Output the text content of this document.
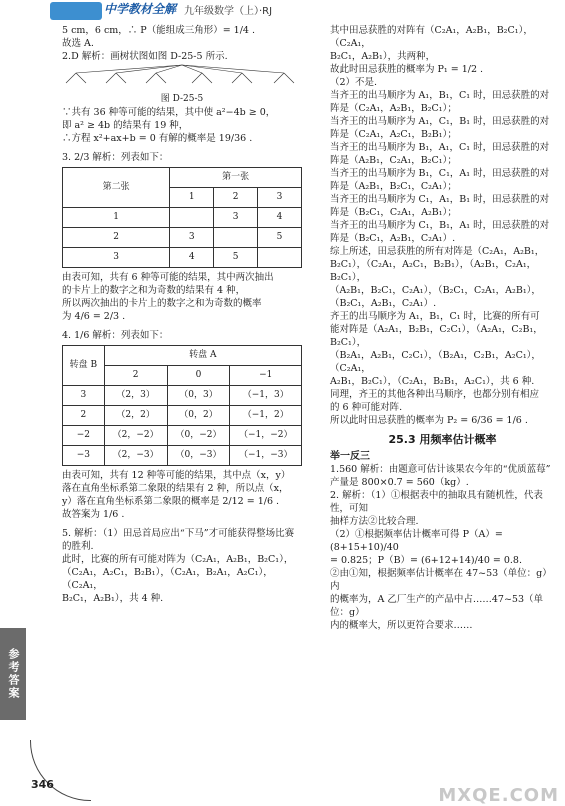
中学教材全解 九年级数学（上）·RJ

5 cm，6 cm，∴ P（能组成三角形）= 1/4 .

故选 A.

2.D 解析：画树状图如图 D-25-5 所示.

图 D-25-5

∵共有 36 种等可能的结果，其中使 a²−4b ≥ 0，

即 a² ≥ 4b 的结果有 19 种，

∴方程 x²+ax+b = 0 有解的概率是 19/36 .

3. 2/3 解析：列表如下：

第二张	第一张		
	1	2	3
1		3	4
2	3		5
3	4	5	

由表可知，共有 6 种等可能的结果，其中两次抽出

的卡片上的数字之和为奇数的结果有 4 种，

所以两次抽出的卡片上的数字之和为奇数的概率

为 4/6 = 2/3 .

4. 1/6 解析：列表如下：

转盘 B	转盘 A		
	2	0	−1
3	（2，3）	（0，3）	（−1，3）
2	（2，2）	（0，2）	（−1，2）
−2	（2，−2）	（0，−2）	（−1，−2）
−3	（2，−3）	（0，−3）	（−1，−3）

由表可知，共有 12 种等可能的结果，其中点（x，y）

落在直角坐标系第二象限的结果有 2 种，所以点（x，

y）落在直角坐标系第二象限的概率是 2/12 = 1/6 .

故答案为 1/6 .

5. 解析：（1）田忌首局应出“下马”才可能获得整场比赛

的胜利.

此时，比赛的所有可能对阵为（C₂A₁，A₂B₁，B₂C₁），

（C₂A₁，A₂C₁，B₂B₁），（C₂A₁，B₂A₁，A₂C₁），（C₂A₁，

B₂C₁，A₂B₁），共 4 种.

其中田忌获胜的对阵有（C₂A₁，A₂B₁，B₂C₁），（C₂A₁，

B₂C₁，A₂B₁），共两种，

故此时田忌获胜的概率为 P₁ = 1/2 .

（2）不是.

当齐王的出马顺序为 A₁，B₁，C₁ 时，田忌获胜的对

阵是（C₂A₁，A₂B₁，B₂C₁）；

当齐王的出马顺序为 A₁，C₁，B₁ 时，田忌获胜的对

阵是（C₂A₁，A₂C₁，B₂B₁）；

当齐王的出马顺序为 B₁，A₁，C₁ 时，田忌获胜的对

阵是（A₂B₁，C₂A₁，B₂C₁）；

当齐王的出马顺序为 B₁，C₁，A₁ 时，田忌获胜的对

阵是（A₂B₁，B₂C₁，C₂A₁）；

当齐王的出马顺序为 C₁，A₁，B₁ 时，田忌获胜的对

阵是（B₂C₁，C₂A₁，A₂B₁）；

当齐王的出马顺序为 C₁，B₁，A₁ 时，田忌获胜的对

阵是（B₂C₁，A₂B₁，C₂A₁）.

综上所述，田忌获胜的所有对阵是（C₂A₁，A₂B₁，

B₂C₁），（C₂A₁，A₂C₁，B₂B₁），（A₂B₁，C₂A₁，B₂C₁），

（A₂B₁，B₂C₁，C₂A₁），（B₂C₁，C₂A₁，A₂B₁），（B₂C₁，A₂B₁，C₂A₁）.

齐王的出马顺序为 A₁，B₁，C₁ 时，比赛的所有可

能对阵是（A₂A₁，B₂B₁，C₂C₁），（A₂A₁，C₂B₁，B₂C₁），

（B₂A₁，A₂B₁，C₂C₁），（B₂A₁，C₂B₁，A₂C₁），（C₂A₁，

A₂B₁，B₂C₁），（C₂A₁，B₂B₁，A₂C₁），共 6 种.

同理，齐王的其他各种出马顺序，也都分别有相应

的 6 种可能对阵.

所以此时田忌获胜的概率为 P₂ = 6/36 = 1/6 .

25.3 用频率估计概率

举一反三

1.560 解析：由题意可估计该果农今年的“优质蓝莓”

产量是 800×0.7 = 560（kg）.

2. 解析：（1）①根据表中的抽取具有随机性，代表性，可知

抽样方法②比较合理.

（2）①根据频率估计概率可得 P（A）= (8+15+10)/40

= 0.825；P（B）= (6+12+14)/40 = 0.8.

②由①知，根据频率估计概率在 47~53（单位：g）内

的概率为，A 乙厂生产的产品中占……47~53（单位：g）

内的概率大，所以更符合要求……

参考答案
346
MXQE.COM
